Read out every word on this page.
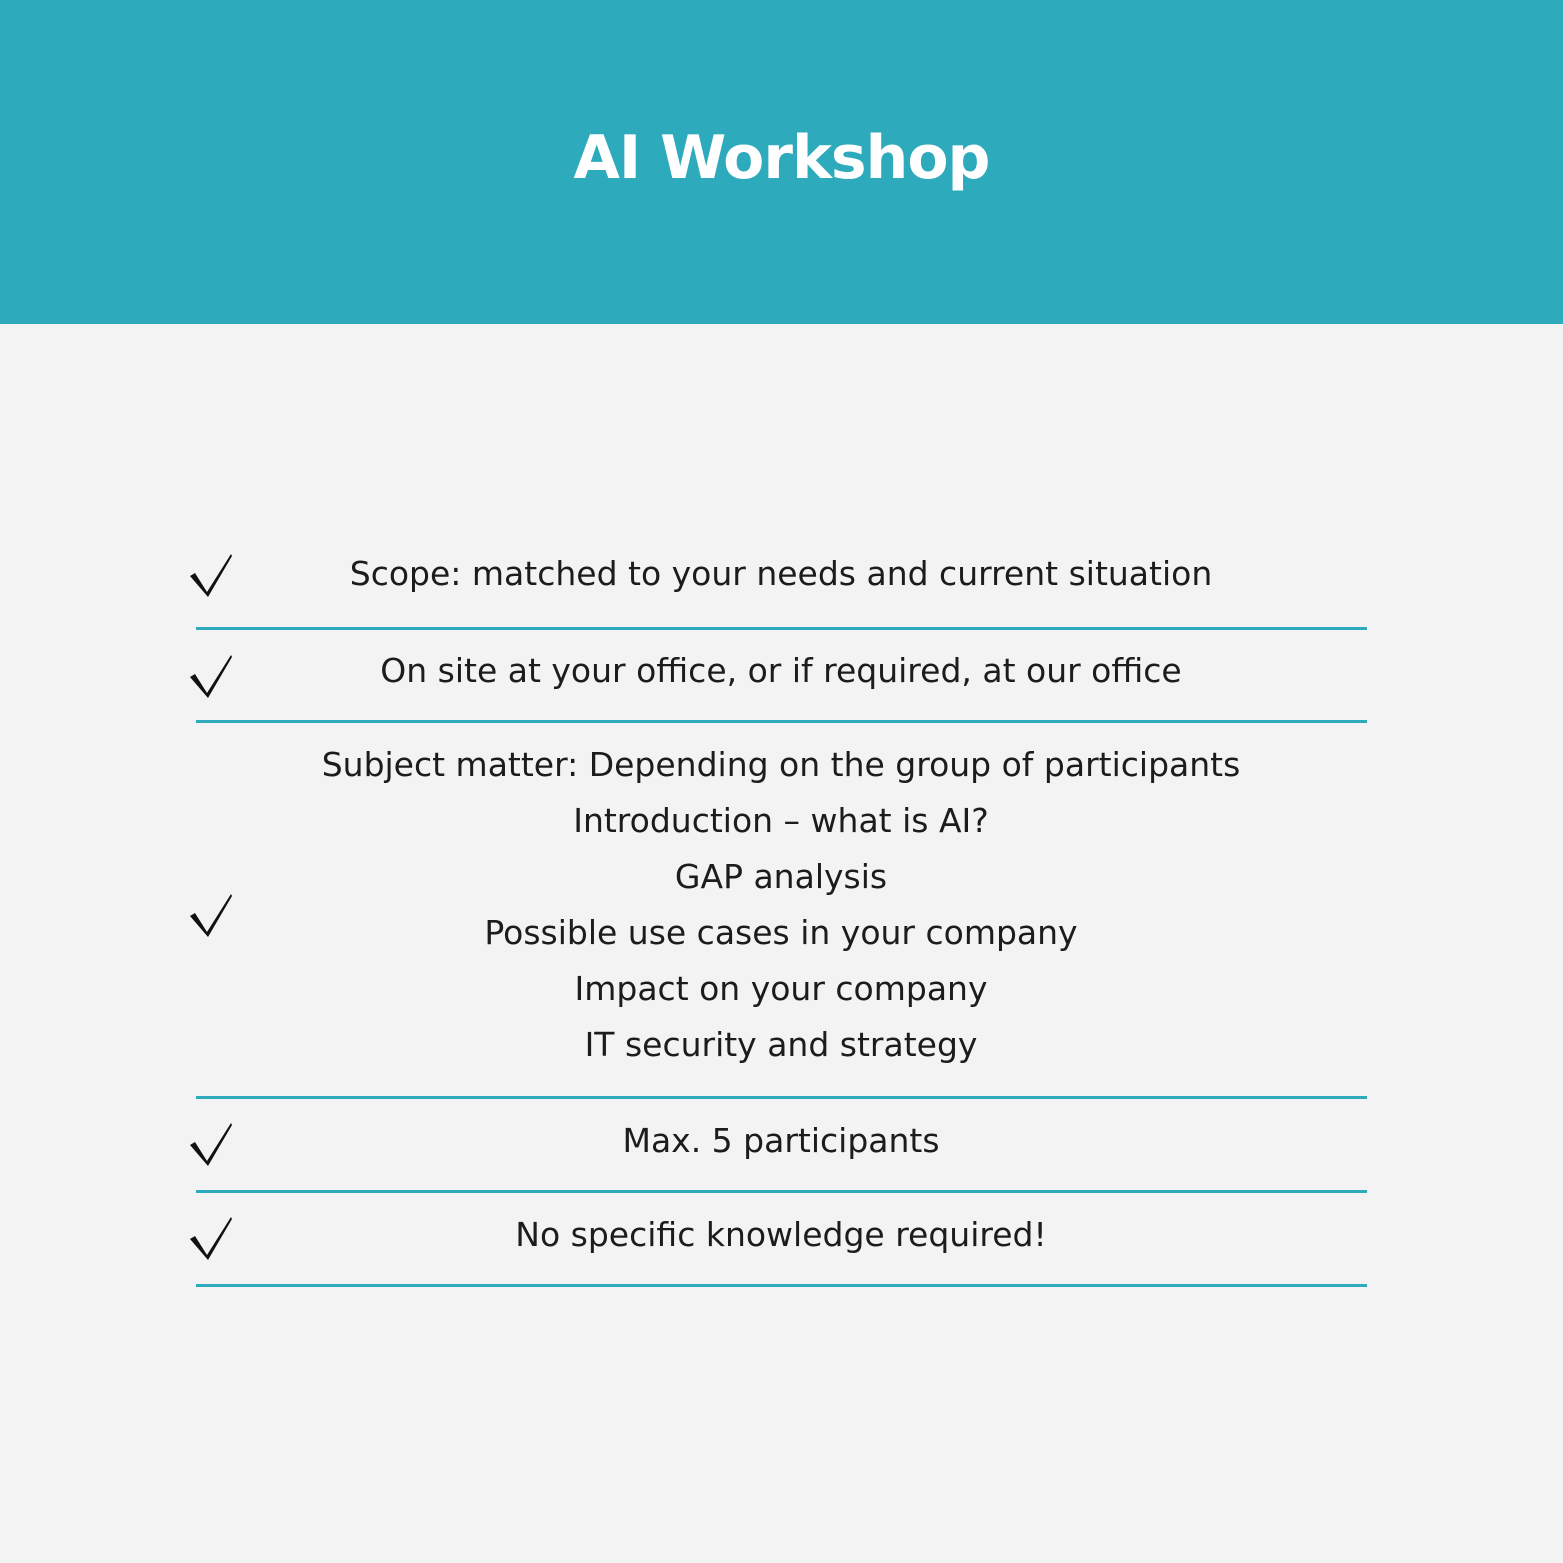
AI Workshop
Scope: matched to your needs and current situation
On site at your office, or if required, at our office
Subject matter: Depending on the group of participants
Introduction – what is AI?
GAP analysis
Possible use cases in your company
Impact on your company
IT security and strategy
Max. 5 participants
No specific knowledge required!
